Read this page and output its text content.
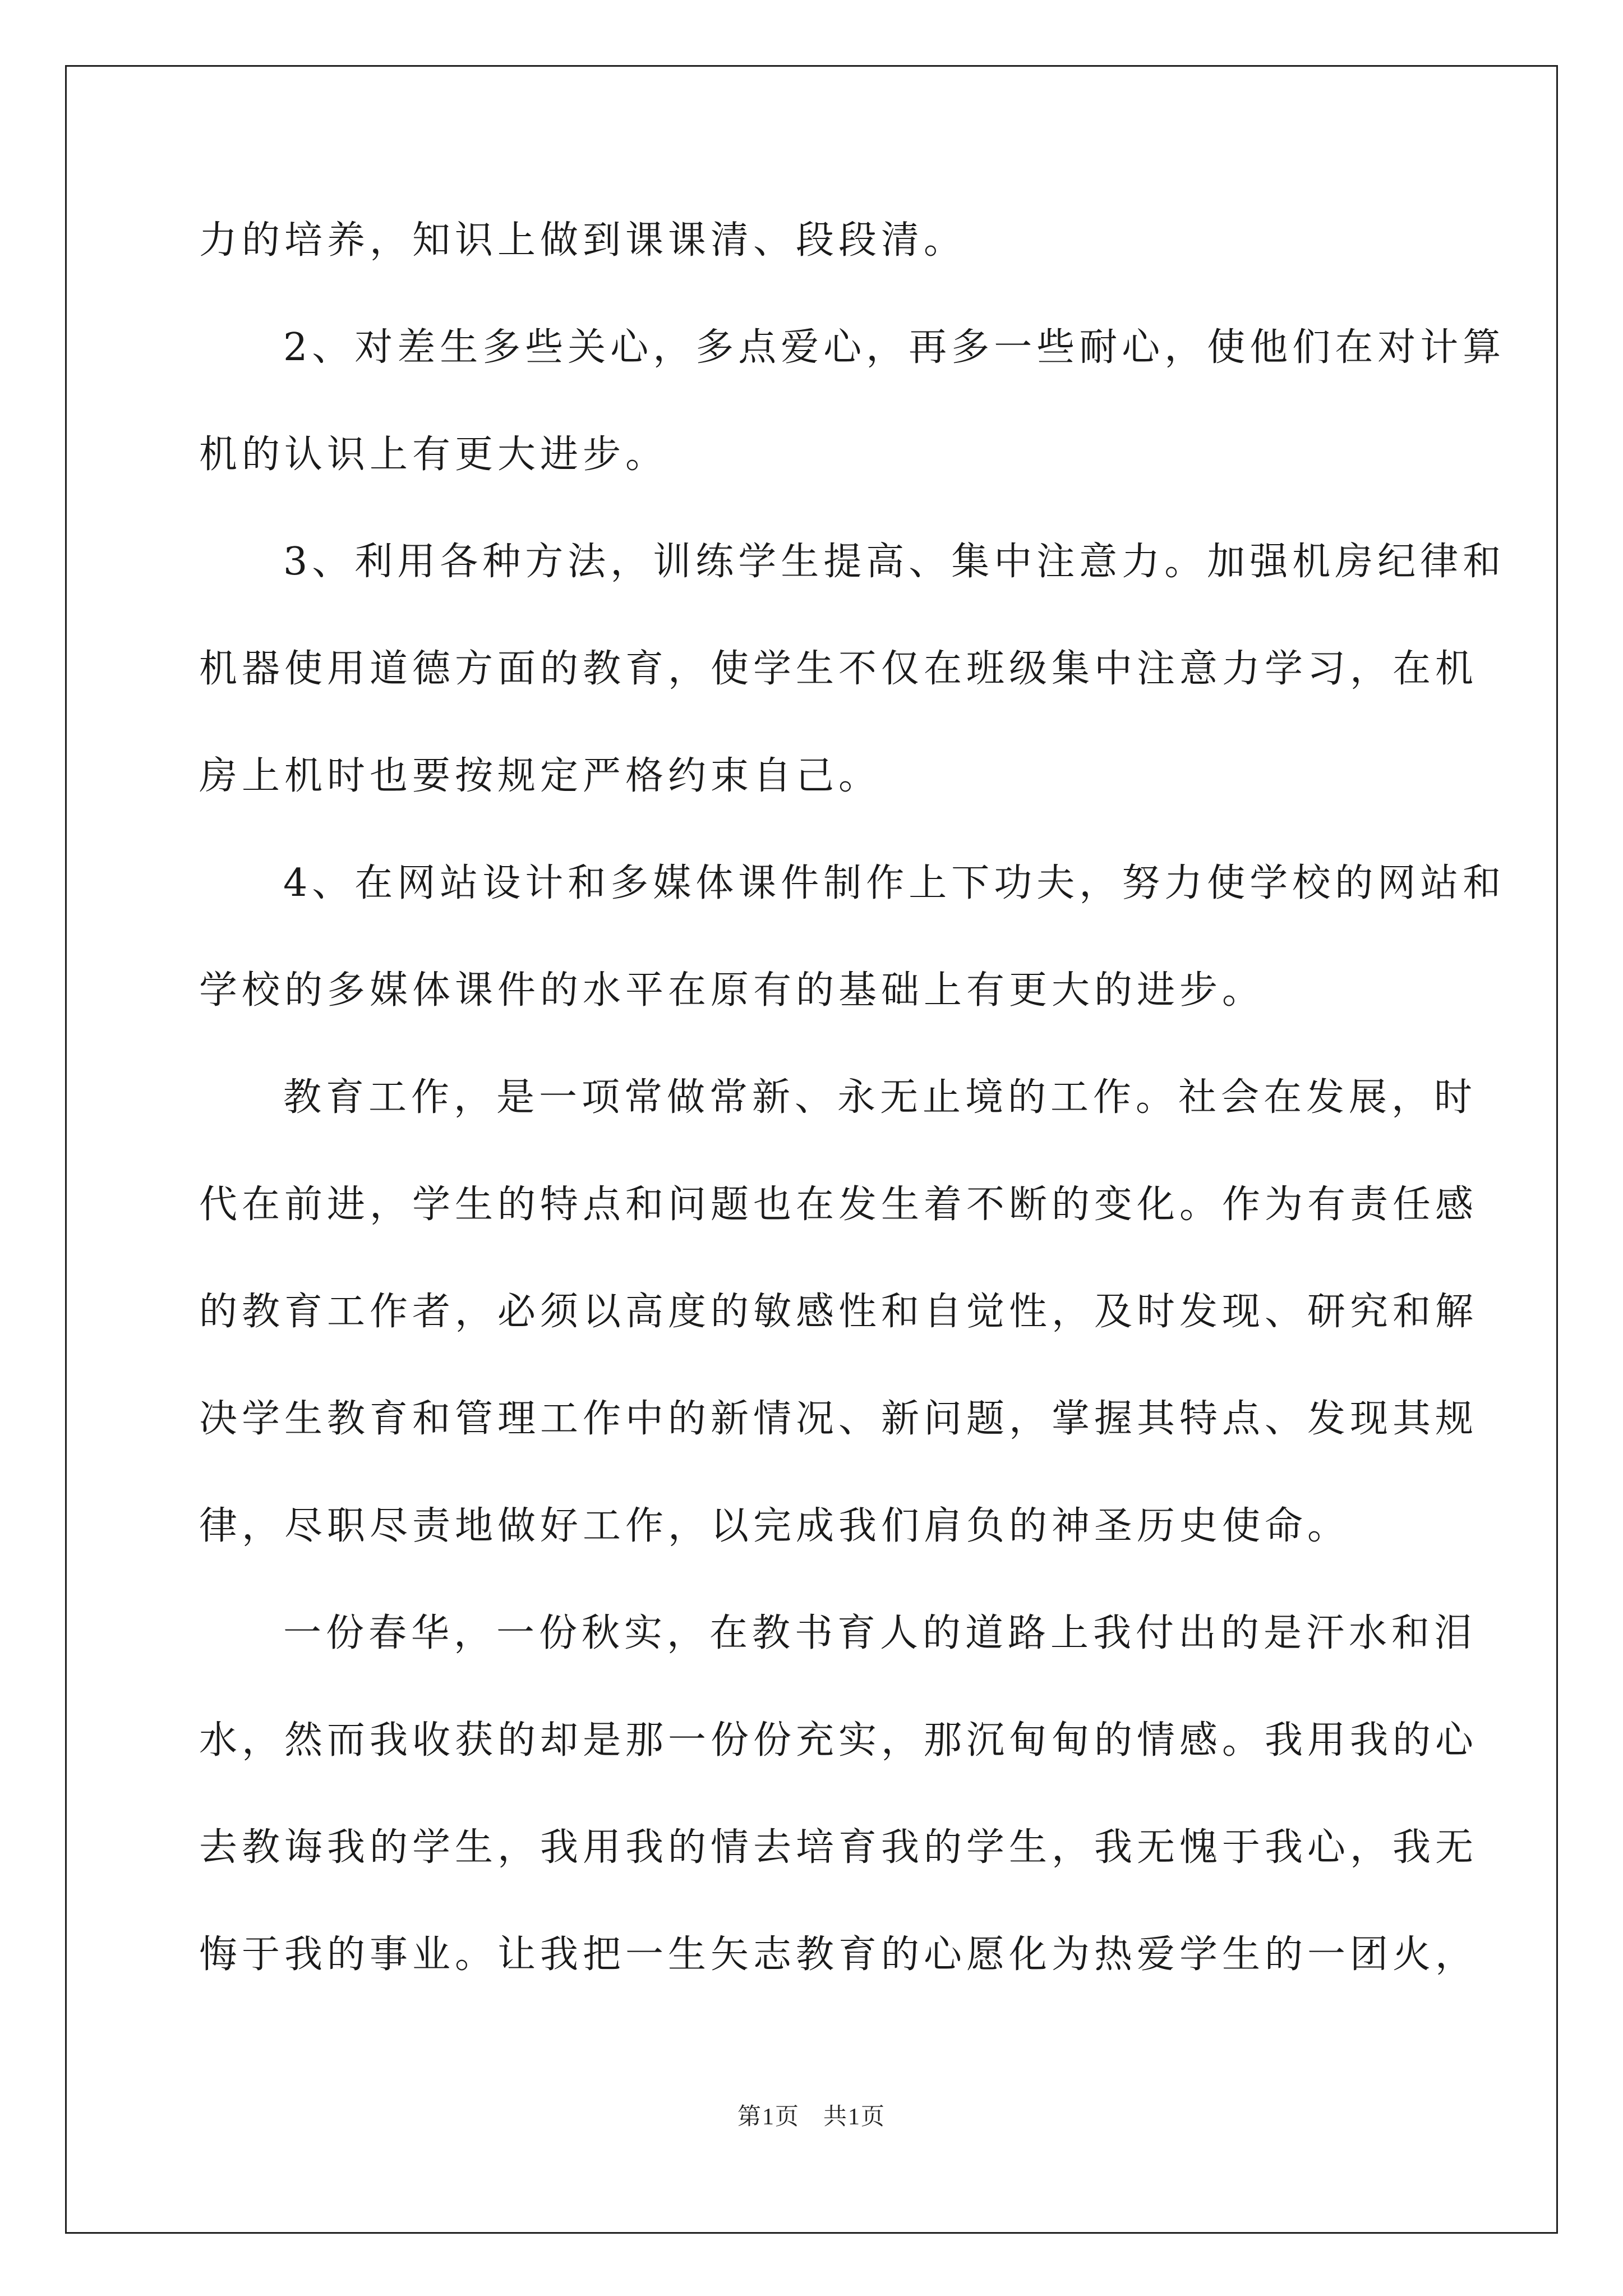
力的培养，知识上做到课课清、段段清。
2、对差生多些关心，多点爱心，再多一些耐心，使他们在对计算
机的认识上有更大进步。
3、利用各种方法，训练学生提高、集中注意力。加强机房纪律和
机器使用道德方面的教育，使学生不仅在班级集中注意力学习，在机
房上机时也要按规定严格约束自己。
4、在网站设计和多媒体课件制作上下功夫，努力使学校的网站和
学校的多媒体课件的水平在原有的基础上有更大的进步。
教育工作，是一项常做常新、永无止境的工作。社会在发展，时
代在前进，学生的特点和问题也在发生着不断的变化。作为有责任感
的教育工作者，必须以高度的敏感性和自觉性，及时发现、研究和解
决学生教育和管理工作中的新情况、新问题，掌握其特点、发现其规
律，尽职尽责地做好工作，以完成我们肩负的神圣历史使命。
一份春华，一份秋实，在教书育人的道路上我付出的是汗水和泪
水，然而我收获的却是那一份份充实，那沉甸甸的情感。我用我的心
去教诲我的学生，我用我的情去培育我的学生，我无愧于我心，我无
悔于我的事业。让我把一生矢志教育的心愿化为热爱学生的一团火，
第1页 共1页
